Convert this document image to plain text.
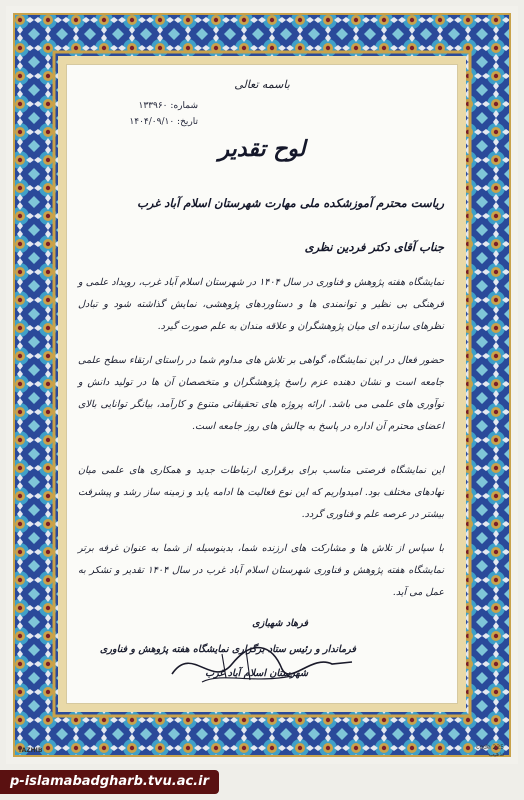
باسمه تعالی
شماره: ۱۳۳۹۶۰
تاریخ: ۱۴۰۴/۰۹/۱۰
لوح تقدیر
ریاست محترم آموزشکده ملی مهارت شهرستان اسلام آباد غرب
جناب آقای دکتر فردین نظری
نمایشگاه هفته پژوهش و فناوری در سال ۱۴۰۴ در شهرستان اسلام آباد غرب، رویداد علمی و فرهنگی بی نظیر و توانمندی ها و دستاوردهای پژوهشی، نمایش گذاشته شود و تبادل نظرهای سازنده ای میان پژوهشگران و علاقه مندان به علم صورت گیرد.
حضور فعال در این نمایشگاه، گواهی بر تلاش های مداوم شما در راستای ارتقاء سطح علمی جامعه است و نشان دهنده عزم راسخ پژوهشگران و متخصصان آن ها در تولید دانش و نوآوری های علمی می باشد. ارائه پروژه های تحقیقاتی متنوع و کارآمد، بیانگر توانایی بالای اعضای محترم آن اداره در پاسخ به چالش های روز جامعه است.
این نمایشگاه فرصتی مناسب برای برقراری ارتباطات جدید و همکاری های علمی میان نهادهای مختلف بود. امیدواریم که این نوع فعالیت ها ادامه یابد و زمینه ساز رشد و پیشرفت بیشتر در عرصه علم و فناوری گردد.
با سپاس از تلاش ها و مشارکت های ارزنده شما، بدینوسیله از شما به عنوان غرفه برتر نمایشگاه هفته پژوهش و فناوری شهرستان اسلام آباد غرب در سال ۱۴۰۴ تقدیر و تشکر به عمل می آید.
فرهاد شهبازی
فرماندار و رئیس ستاد برگزاری نمایشگاه هفته پژوهش و فناوری
شهرستان اسلام آباد غرب
TAZHIB	code 225
تذهیب
p-islamabadgharb.tvu.ac.ir
